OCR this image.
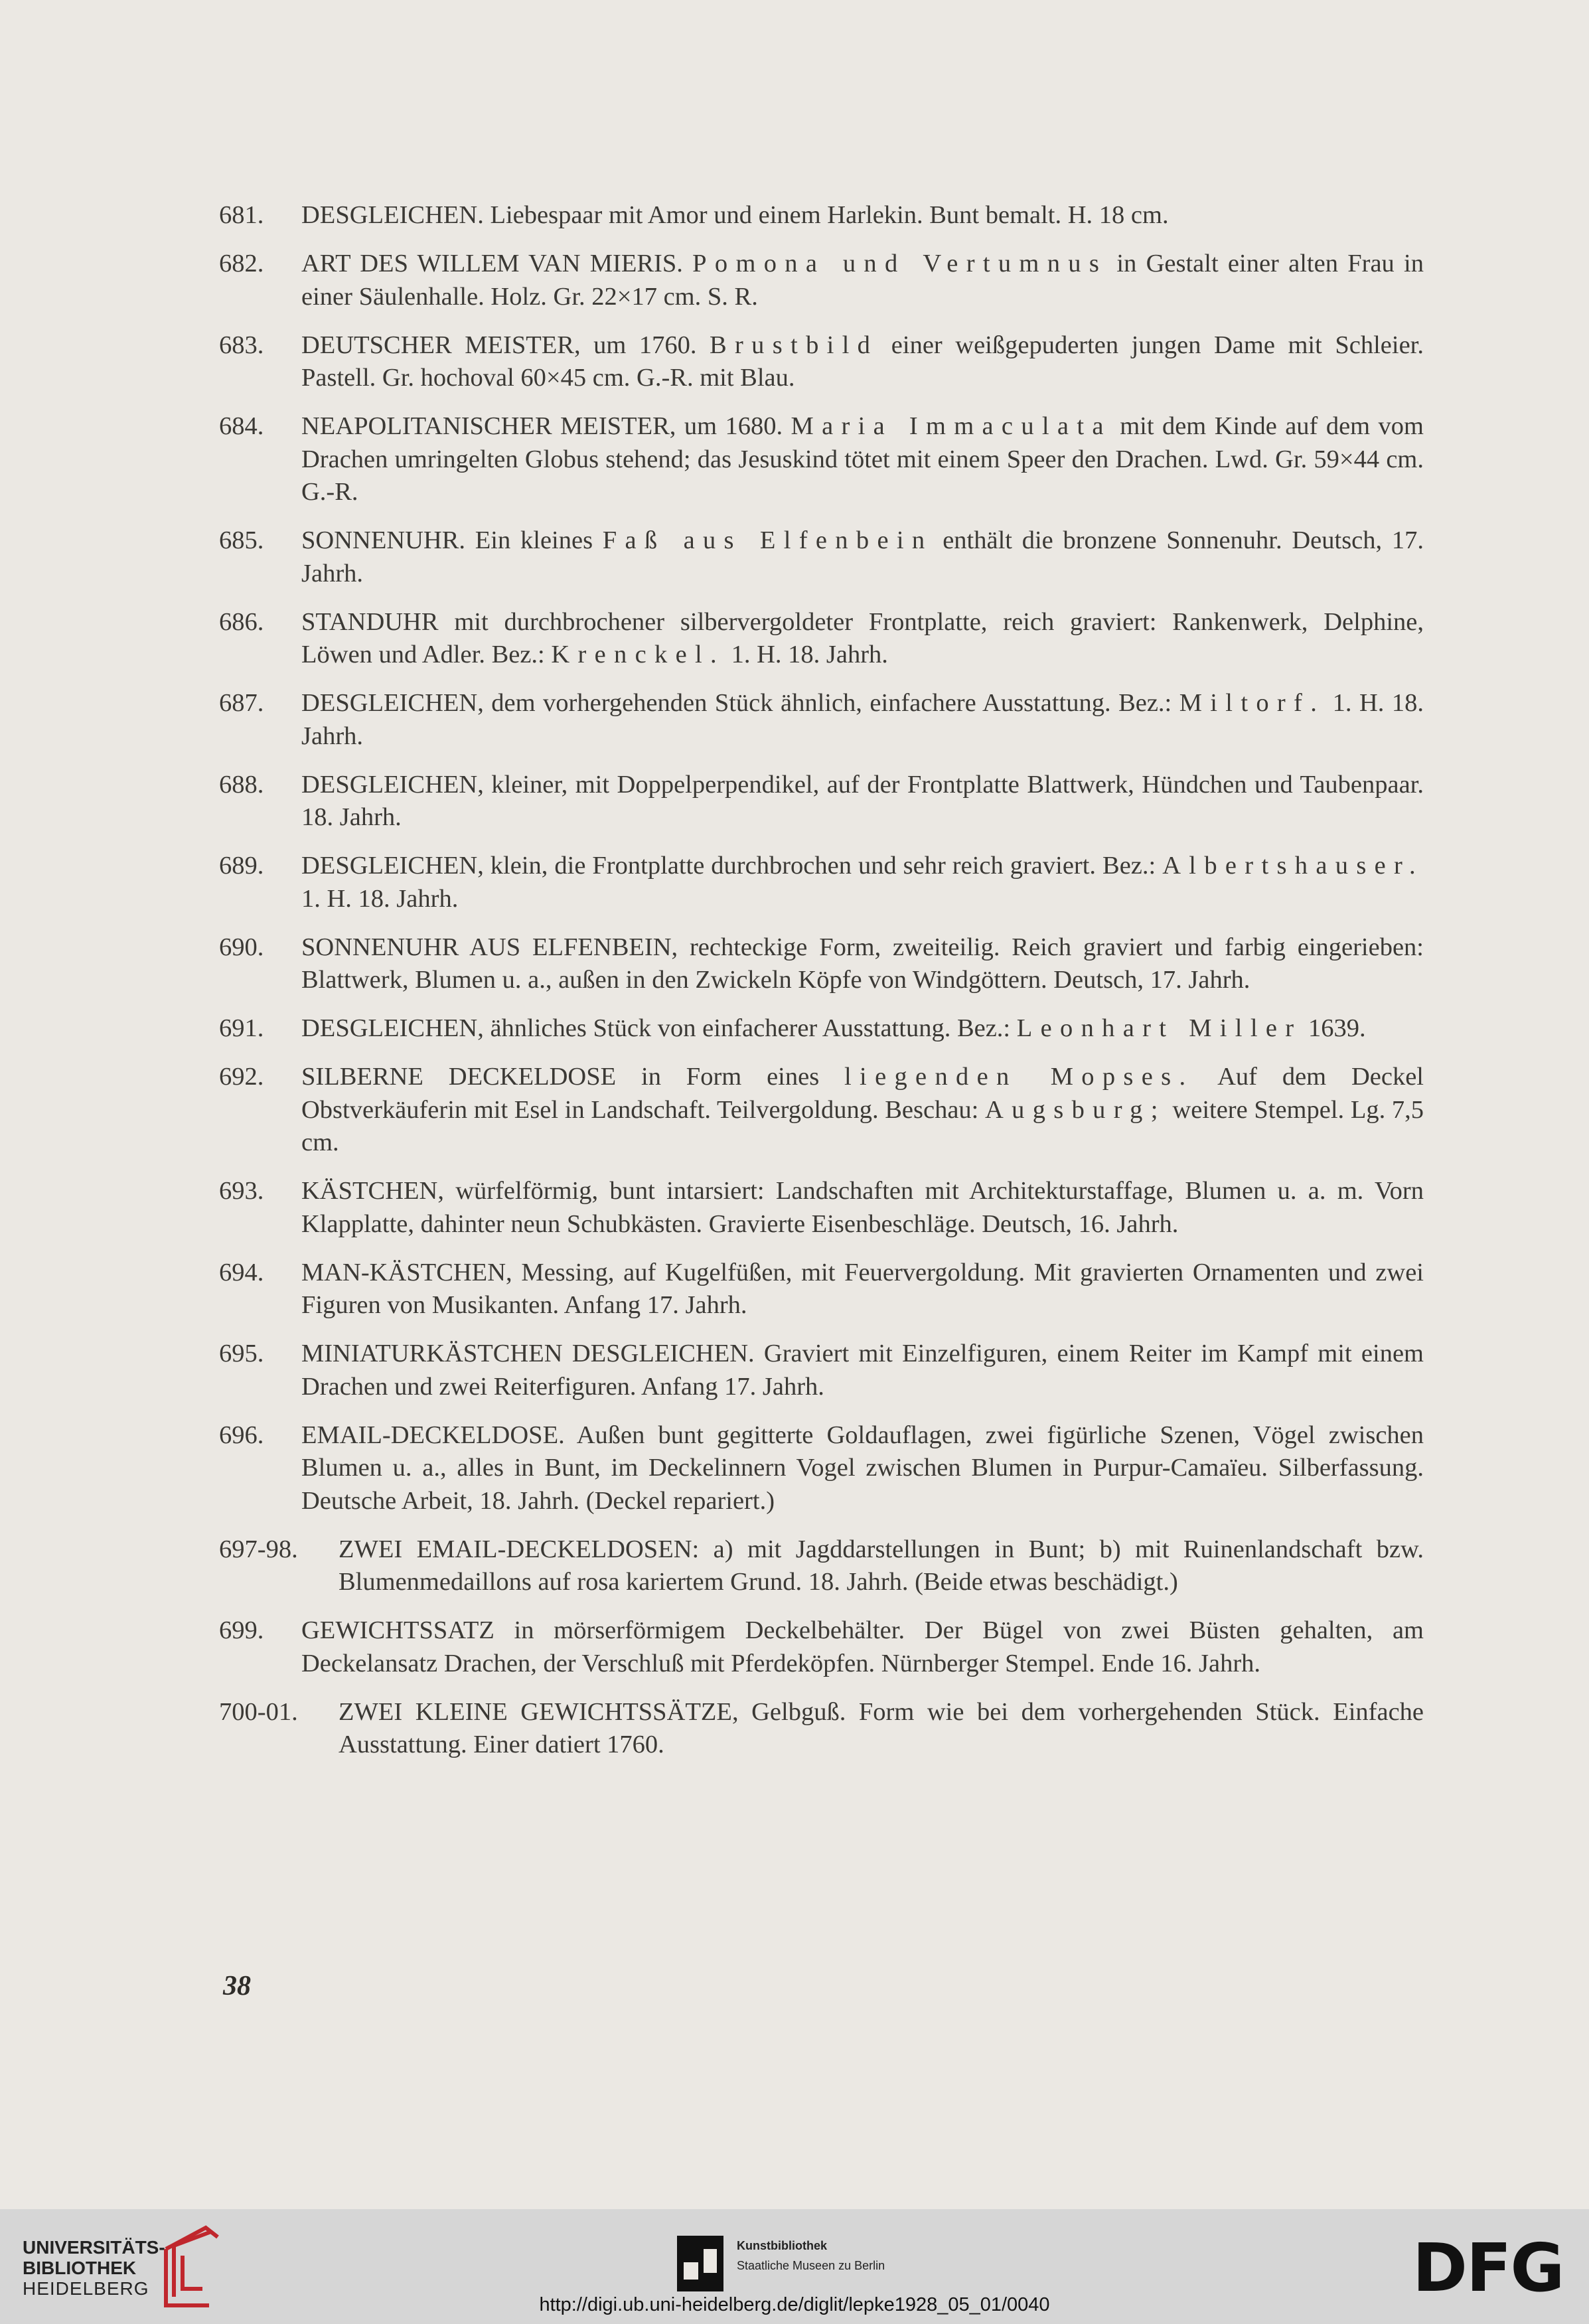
681. DESGLEICHEN. Liebespaar mit Amor und einem Harlekin. Bunt bemalt. H. 18 cm.
682. ART DES WILLEM VAN MIERIS. Pomona und Vertumnus in Gestalt einer alten Frau in einer Säulenhalle. Holz. Gr. 22×17 cm. S. R.
683. DEUTSCHER MEISTER, um 1760. Brustbild einer weißgepuderten jungen Dame mit Schleier. Pastell. Gr. hochoval 60×45 cm. G.-R. mit Blau.
684. NEAPOLITANISCHER MEISTER, um 1680. Maria Immaculata mit dem Kinde auf dem vom Drachen umringelten Globus stehend; das Jesuskind tötet mit einem Speer den Drachen. Lwd. Gr. 59×44 cm. G.-R.
685. SONNENUHR. Ein kleines Faß aus Elfenbein enthält die bronzene Sonnenuhr. Deutsch, 17. Jahrh.
686. STANDUHR mit durchbrochener silbervergoldeter Frontplatte, reich graviert: Rankenwerk, Delphine, Löwen und Adler. Bez.: Krenckel. 1. H. 18. Jahrh.
687. DESGLEICHEN, dem vorhergehenden Stück ähnlich, einfachere Ausstattung. Bez.: Miltorf. 1. H. 18. Jahrh.
688. DESGLEICHEN, kleiner, mit Doppelperpendikel, auf der Frontplatte Blattwerk, Hündchen und Taubenpaar. 18. Jahrh.
689. DESGLEICHEN, klein, die Frontplatte durchbrochen und sehr reich graviert. Bez.: Albertshauser. 1. H. 18. Jahrh.
690. SONNENUHR AUS ELFENBEIN, rechteckige Form, zweiteilig. Reich graviert und farbig eingerieben: Blattwerk, Blumen u. a., außen in den Zwickeln Köpfe von Windgöttern. Deutsch, 17. Jahrh.
691. DESGLEICHEN, ähnliches Stück von einfacherer Ausstattung. Bez.: Leonhart Miller 1639.
692. SILBERNE DECKELDOSE in Form eines liegenden Mopses. Auf dem Deckel Obstverkäuferin mit Esel in Landschaft. Teilvergoldung. Beschau: Augsburg; weitere Stempel. Lg. 7,5 cm.
693. KÄSTCHEN, würfelförmig, bunt intarsiert: Landschaften mit Architekturstaffage, Blumen u. a. m. Vorn Klapplatte, dahinter neun Schubkästen. Gravierte Eisenbeschläge. Deutsch, 16. Jahrh.
694. MAN-KÄSTCHEN, Messing, auf Kugelfüßen, mit Feuervergoldung. Mit gravierten Ornamenten und zwei Figuren von Musikanten. Anfang 17. Jahrh.
695. MINIATURKÄSTCHEN DESGLEICHEN. Graviert mit Einzelfiguren, einem Reiter im Kampf mit einem Drachen und zwei Reiterfiguren. Anfang 17. Jahrh.
696. EMAIL-DECKELDOSE. Außen bunt gegitterte Goldauflagen, zwei figürliche Szenen, Vögel zwischen Blumen u. a., alles in Bunt, im Deckelinnern Vogel zwischen Blumen in Purpur-Camaïeu. Silberfassung. Deutsche Arbeit, 18. Jahrh. (Deckel repariert.)
697-98. ZWEI EMAIL-DECKELDOSEN: a) mit Jagddarstellungen in Bunt; b) mit Ruinenlandschaft bzw. Blumenmedaillons auf rosa kariertem Grund. 18. Jahrh. (Beide etwas beschädigt.)
699. GEWICHTSSATZ in mörserförmigem Deckelbehälter. Der Bügel von zwei Büsten gehalten, am Deckelansatz Drachen, der Verschluß mit Pferdeköpfen. Nürnberger Stempel. Ende 16. Jahrh.
700-01. ZWEI KLEINE GEWICHTSSÄTZE, Gelbguß. Form wie bei dem vorhergehenden Stück. Einfache Ausstattung. Einer datiert 1760.
38
UNIVERSITÄTS-
BIBLIOTHEK
HEIDELBERG
Kunstbibliothek
Staatliche Museen zu Berlin	DFG
http://digi.ub.uni-heidelberg.de/diglit/lepke1928_05_01/0040
